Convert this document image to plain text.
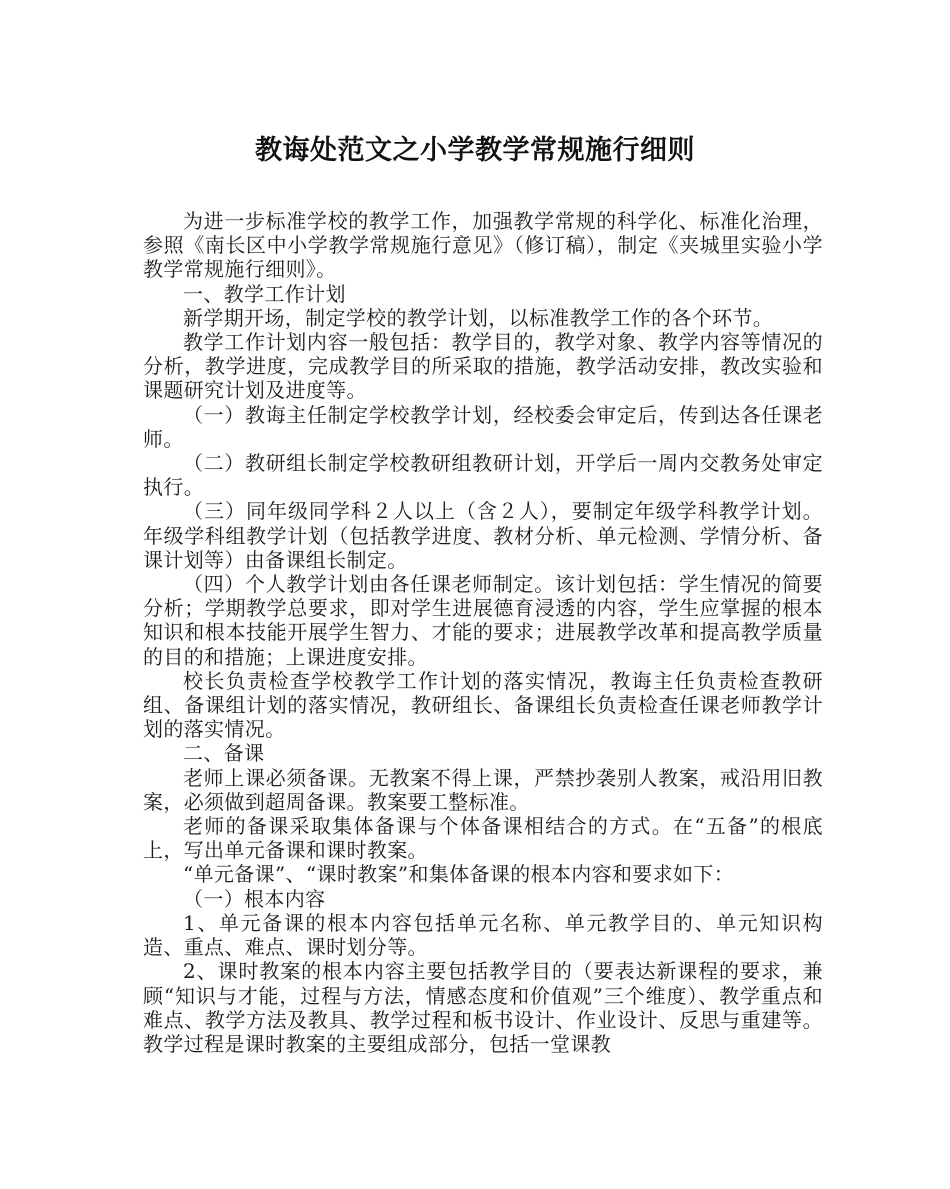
教诲处范文之小学教学常规施行细则

为进一步标准学校的教学工作，加强教学常规的科学化、标准化治理，参照《南长区中小学教学常规施行意见》（修订稿），制定《夹城里实验小学教学常规施行细则》。

一、教学工作计划

新学期开场，制定学校的教学计划，以标准教学工作的各个环节。

教学工作计划内容一般包括：教学目的，教学对象、教学内容等情况的分析，教学进度，完成教学目的所采取的措施，教学活动安排，教改实验和课题研究计划及进度等。

（一）教诲主任制定学校教学计划，经校委会审定后，传到达各任课老师。

（二）教研组长制定学校教研组教研计划，开学后一周内交教务处审定执行。

（三）同年级同学科２人以上（含２人），要制定年级学科教学计划。年级学科组教学计划（包括教学进度、教材分析、单元检测、学情分析、备课计划等）由备课组长制定。

（四）个人教学计划由各任课老师制定。该计划包括：学生情况的简要分析；学期教学总要求，即对学生进展德育浸透的内容，学生应掌握的根本知识和根本技能开展学生智力、才能的要求；进展教学改革和提高教学质量的目的和措施；上课进度安排。

校长负责检查学校教学工作计划的落实情况，教诲主任负责检查教研组、备课组计划的落实情况，教研组长、备课组长负责检查任课老师教学计划的落实情况。

二、备课

老师上课必须备课。无教案不得上课，严禁抄袭别人教案，戒沿用旧教案，必须做到超周备课。教案要工整标准。

老师的备课采取集体备课与个体备课相结合的方式。在“五备”的根底上，写出单元备课和课时教案。

“单元备课”、“课时教案”和集体备课的根本内容和要求如下：

（一）根本内容

1、单元备课的根本内容包括单元名称、单元教学目的、单元知识构造、重点、难点、课时划分等。

2、课时教案的根本内容主要包括教学目的（要表达新课程的要求，兼顾“知识与才能，过程与方法，情感态度和价值观”三个维度）、教学重点和难点、教学方法及教具、教学过程和板书设计、作业设计、反思与重建等。教学过程是课时教案的主要组成部分，包括一堂课教
